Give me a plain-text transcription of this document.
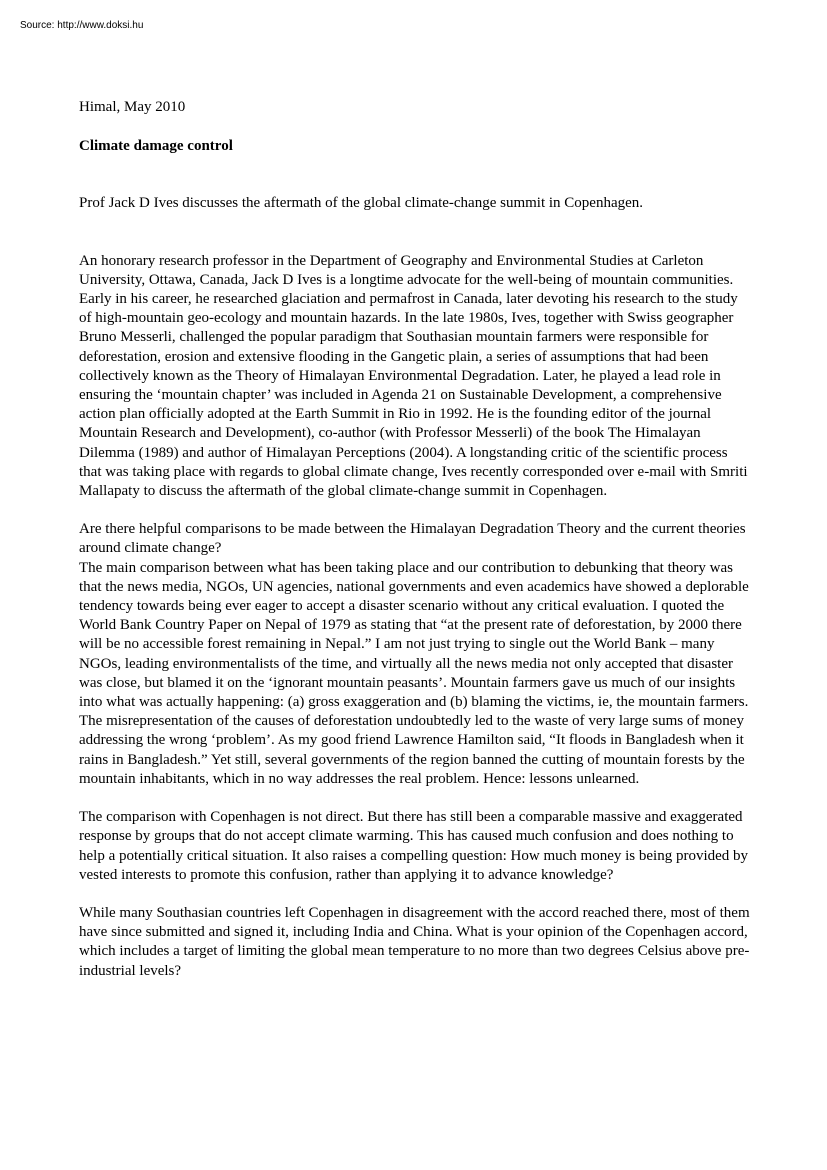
Source: http://www.doksi.hu

Himal, May 2010

Climate damage control

Prof Jack D Ives discusses the aftermath of the global climate-change summit in Copenhagen.

An honorary research professor in the Department of Geography and Environmental Studies at Carleton University, Ottawa, Canada, Jack D Ives is a longtime advocate for the well-being of mountain communities. Early in his career, he researched glaciation and permafrost in Canada, later devoting his research to the study of high-mountain geo-ecology and mountain hazards. In the late 1980s, Ives, together with Swiss geographer Bruno Messerli, challenged the popular paradigm that Southasian mountain farmers were responsible for deforestation, erosion and extensive flooding in the Gangetic plain, a series of assumptions that had been collectively known as the Theory of Himalayan Environmental Degradation. Later, he played a lead role in ensuring the ‘mountain chapter’ was included in Agenda 21 on Sustainable Development, a comprehensive action plan officially adopted at the Earth Summit in Rio in 1992. He is the founding editor of the journal Mountain Research and Development), co-author (with Professor Messerli) of the book The Himalayan Dilemma (1989) and author of Himalayan Perceptions (2004). A longstanding critic of the scientific process that was taking place with regards to global climate change, Ives recently corresponded over e-mail with Smriti Mallapaty to discuss the aftermath of the global climate-change summit in Copenhagen.

Are there helpful comparisons to be made between the Himalayan Degradation Theory and the current theories around climate change?

The main comparison between what has been taking place and our contribution to debunking that theory was that the news media, NGOs, UN agencies, national governments and even academics have showed a deplorable tendency towards being ever eager to accept a disaster scenario without any critical evaluation. I quoted the World Bank Country Paper on Nepal of 1979 as stating that “at the present rate of deforestation, by 2000 there will be no accessible forest remaining in Nepal.” I am not just trying to single out the World Bank – many NGOs, leading environmentalists of the time, and virtually all the news media not only accepted that disaster was close, but blamed it on the ‘ignorant mountain peasants’. Mountain farmers gave us much of our insights into what was actually happening: (a) gross exaggeration and (b) blaming the victims, ie, the mountain farmers. The misrepresentation of the causes of deforestation undoubtedly led to the waste of very large sums of money addressing the wrong ‘problem’. As my good friend Lawrence Hamilton said, “It floods in Bangladesh when it rains in Bangladesh.” Yet still, several governments of the region banned the cutting of mountain forests by the mountain inhabitants, which in no way addresses the real problem. Hence: lessons unlearned.

The comparison with Copenhagen is not direct. But there has still been a comparable massive and exaggerated response by groups that do not accept climate warming. This has caused much confusion and does nothing to help a potentially critical situation. It also raises a compelling question: How much money is being provided by vested interests to promote this confusion, rather than applying it to advance knowledge?

While many Southasian countries left Copenhagen in disagreement with the accord reached there, most of them have since submitted and signed it, including India and China. What is your opinion of the Copenhagen accord, which includes a target of limiting the global mean temperature to no more than two degrees Celsius above pre-industrial levels?
